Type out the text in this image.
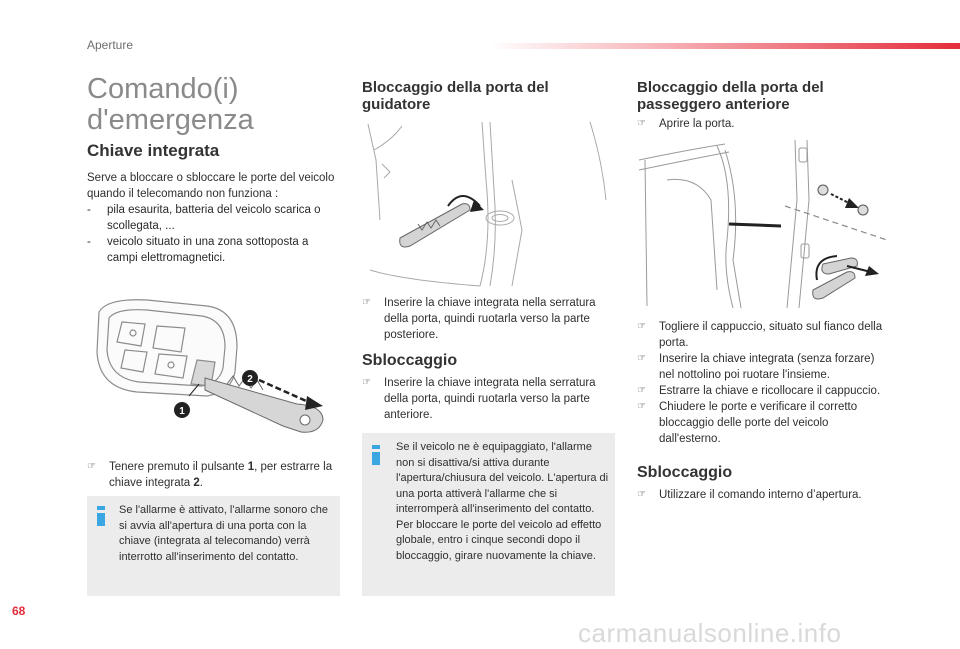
Aperture
Comando(i)
d'emergenza
Chiave integrata

Serve a bloccare o sbloccare le porte del veicolo quando il telecomando non funziona :

-	pila esaurita, batteria del veicolo scarica o scollegata, ...
-	veicolo situato in una zona sottoposta a campi elettromagnetici.
2
1
☞	Tenere premuto il pulsante 1, per estrarre la chiave integrata 2.

Se l'allarme è attivato, l'allarme sonoro che si avvia all'apertura di una porta con la chiave (integrata al telecomando) verrà interrotto all'inserimento del contatto.

Bloccaggio della porta del guidatore
☞	Inserire la chiave integrata nella serratura della porta, quindi ruotarla verso la parte posteriore.
Sbloccaggio
☞	Inserire la chiave integrata nella serratura della porta, quindi ruotarla verso la parte anteriore.

Se il veicolo ne è equipaggiato, l'allarme non si disattiva/si attiva durante l'apertura/chiusura del veicolo. L'apertura di una porta attiverà l'allarme che si interromperà all'inserimento del contatto. Per bloccare le porte del veicolo ad effetto globale, entro i cinque secondi dopo il bloccaggio, girare nuovamente la chiave.

Bloccaggio della porta del passeggero anteriore
☞	Aprire la porta.
☞	Togliere il cappuccio, situato sul fianco della porta.
☞	Inserire la chiave integrata (senza forzare) nel nottolino poi ruotare l'insieme.
☞	Estrarre la chiave e ricollocare il cappuccio.
☞	Chiudere le porte e verificare il corretto bloccaggio delle porte del veicolo dall'esterno.
Sbloccaggio
☞	Utilizzare il comando interno d’apertura.
68
carmanualsonline.info
